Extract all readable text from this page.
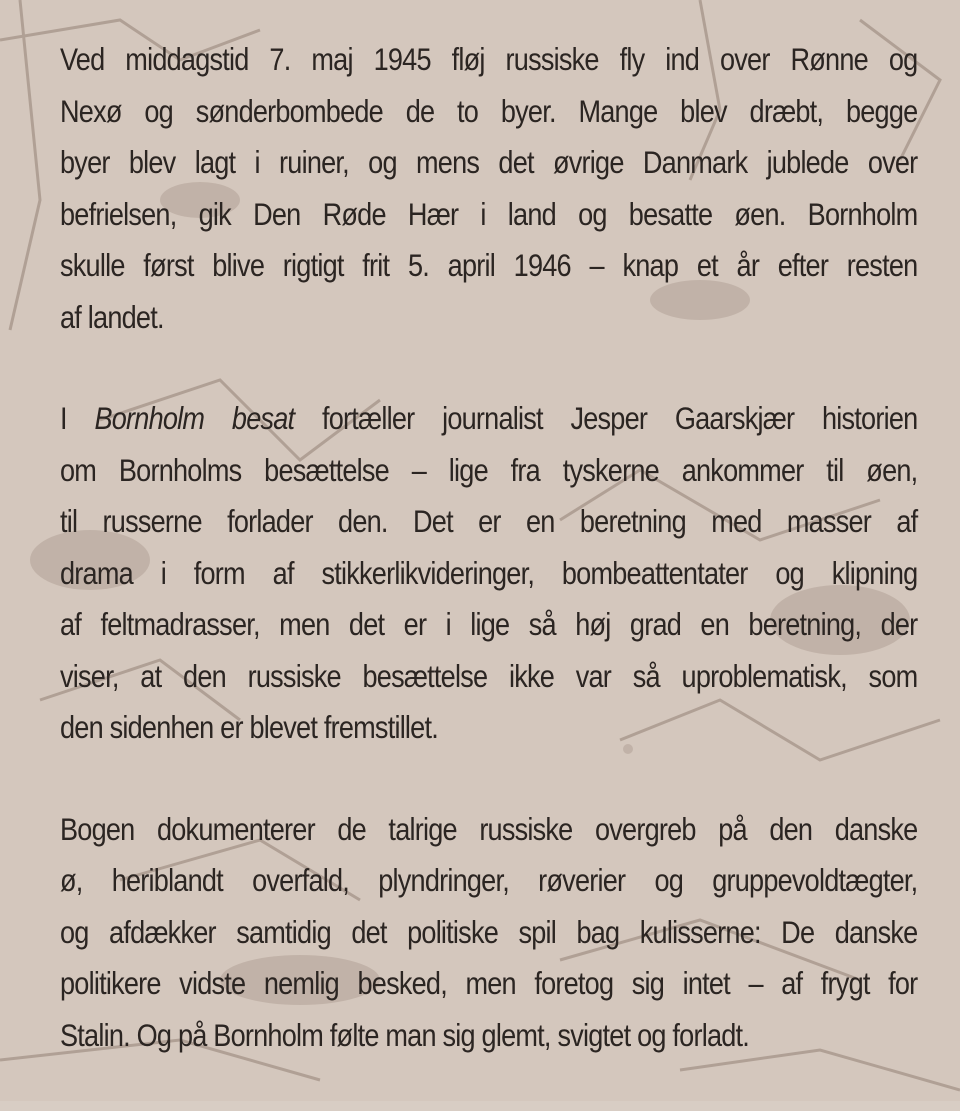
Ved middagstid 7. maj 1945 fløj russiske fly ind over Rønne og
Nexø og sønderbombede de to byer. Mange blev dræbt, begge
byer blev lagt i ruiner, og mens det øvrige Danmark jublede over
befrielsen, gik Den Røde Hær i land og besatte øen. Bornholm
skulle først blive rigtigt frit 5. april 1946 – knap et år efter resten
af landet.

I Bornholm besat fortæller journalist Jesper Gaarskjær historien
om Bornholms besættelse – lige fra tyskerne ankommer til øen,
til russerne forlader den. Det er en beretning med masser af
drama i form af stikkerlikvideringer, bombeattentater og klipning
af feltmadrasser, men det er i lige så høj grad en beretning, der
viser, at den russiske besættelse ikke var så uproblematisk, som
den sidenhen er blevet fremstillet.

Bogen dokumenterer de talrige russiske overgreb på den danske
ø, heriblandt overfald, plyndringer, røverier og gruppevoldtægter,
og afdækker samtidig det politiske spil bag kulisserne: De danske
politikere vidste nemlig besked, men foretog sig intet – af frygt for
Stalin. Og på Bornholm følte man sig glemt, svigtet og forladt.
